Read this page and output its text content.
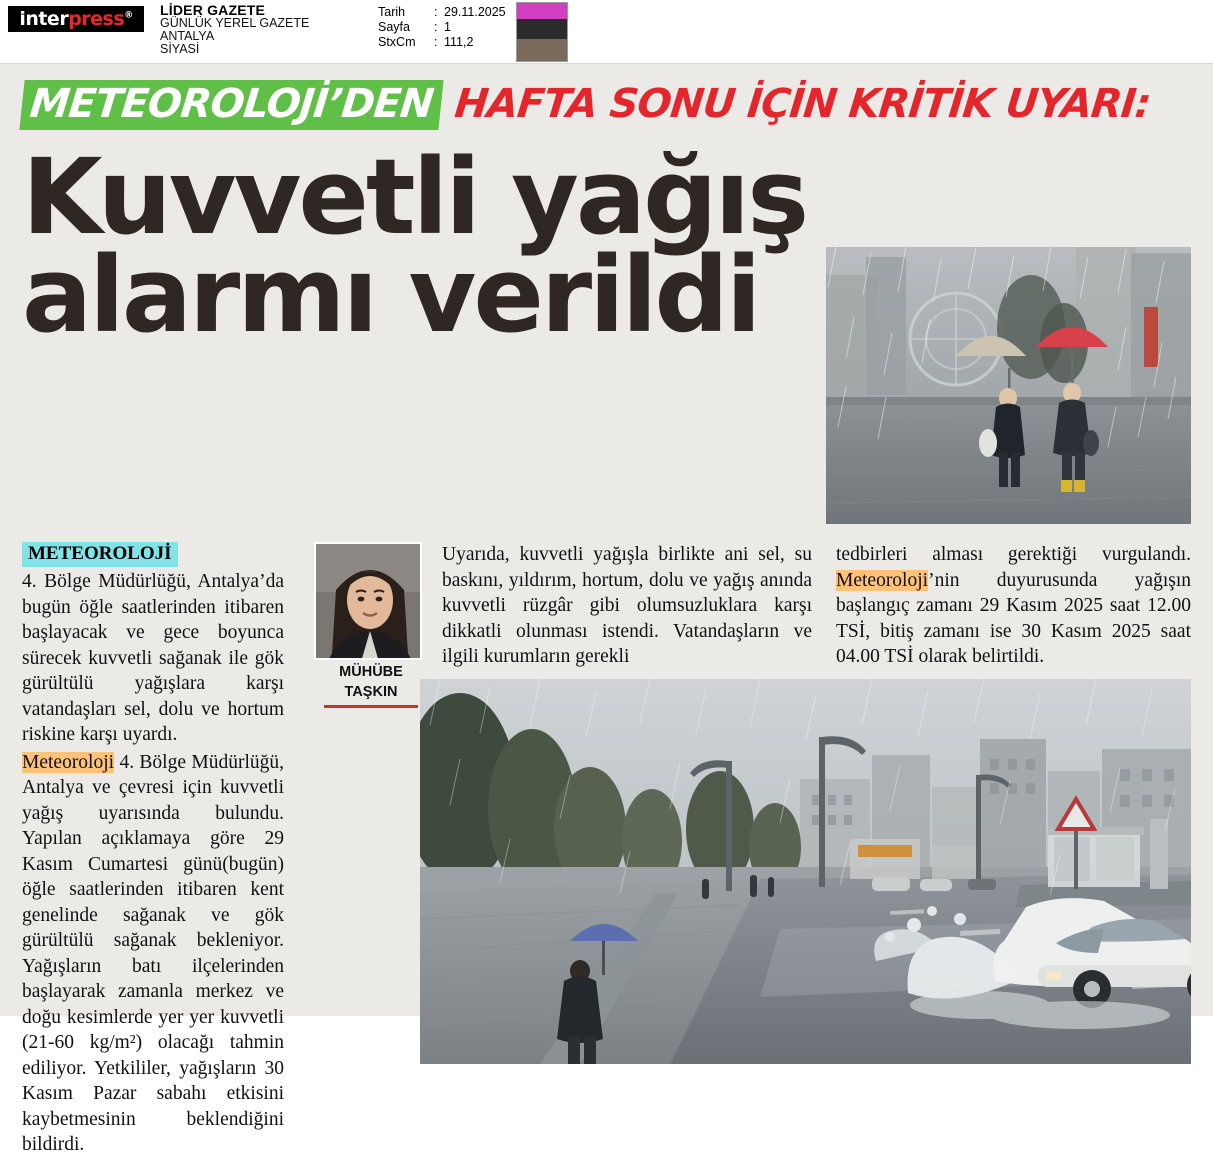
interpress® LİDER GAZETE
GÜNLÜK YEREL GAZETE
ANTALYA
SİYASİ
Tarih	: 29.11.2025
Sayfa	: 1
StxCm	: 111,2
METEOROLOJİ’DEN HAFTA SONU İÇİN KRİTİK UYARI:
Kuvvetli yağış
alarmı verildi
METEOROLOJİ

4. Bölge Müdürlüğü, Antalya’da bugün öğle saatlerinden itibaren başlayacak ve gece boyunca sürecek kuvvetli sağanak ile gök gürültülü yağışlara karşı vatandaşları sel, dolu ve hortum riskine karşı uyardı.

Meteoroloji 4. Bölge Müdürlüğü, Antalya ve çevresi için kuvvetli yağış uyarısında bulundu. Yapılan açıklamaya göre 29 Kasım Cumartesi günü(bugün) öğle saatlerinden itibaren kent genelinde sağanak ve gök gürültülü sağanak bekleniyor. Yağışların batı ilçelerinden başlayarak zamanla merkez ve doğu kesimlerde yer yer kuvvetli (21-60 kg/m²) olacağı tahmin ediliyor. Yetkililer, yağışların 30 Kasım Pazar sabahı etkisini kaybetmesinin beklendiğini bildirdi.

MÜHÜBE
TAŞKIN

Uyarıda, kuvvetli yağışla birlikte ani sel, su baskını, yıldırım, hortum, dolu ve yağış anında kuvvetli rüzgâr gibi olumsuzluklara karşı dikkatli olunması istendi. Vatandaşların ve ilgili kurumların gerekli

tedbirleri alması gerektiği vurgulandı. Meteoroloji’nin duyurusunda yağışın başlangıç zamanı 29 Kasım 2025 saat 12.00 TSİ, bitiş zamanı ise 30 Kasım 2025 saat 04.00 TSİ olarak belirtildi.
